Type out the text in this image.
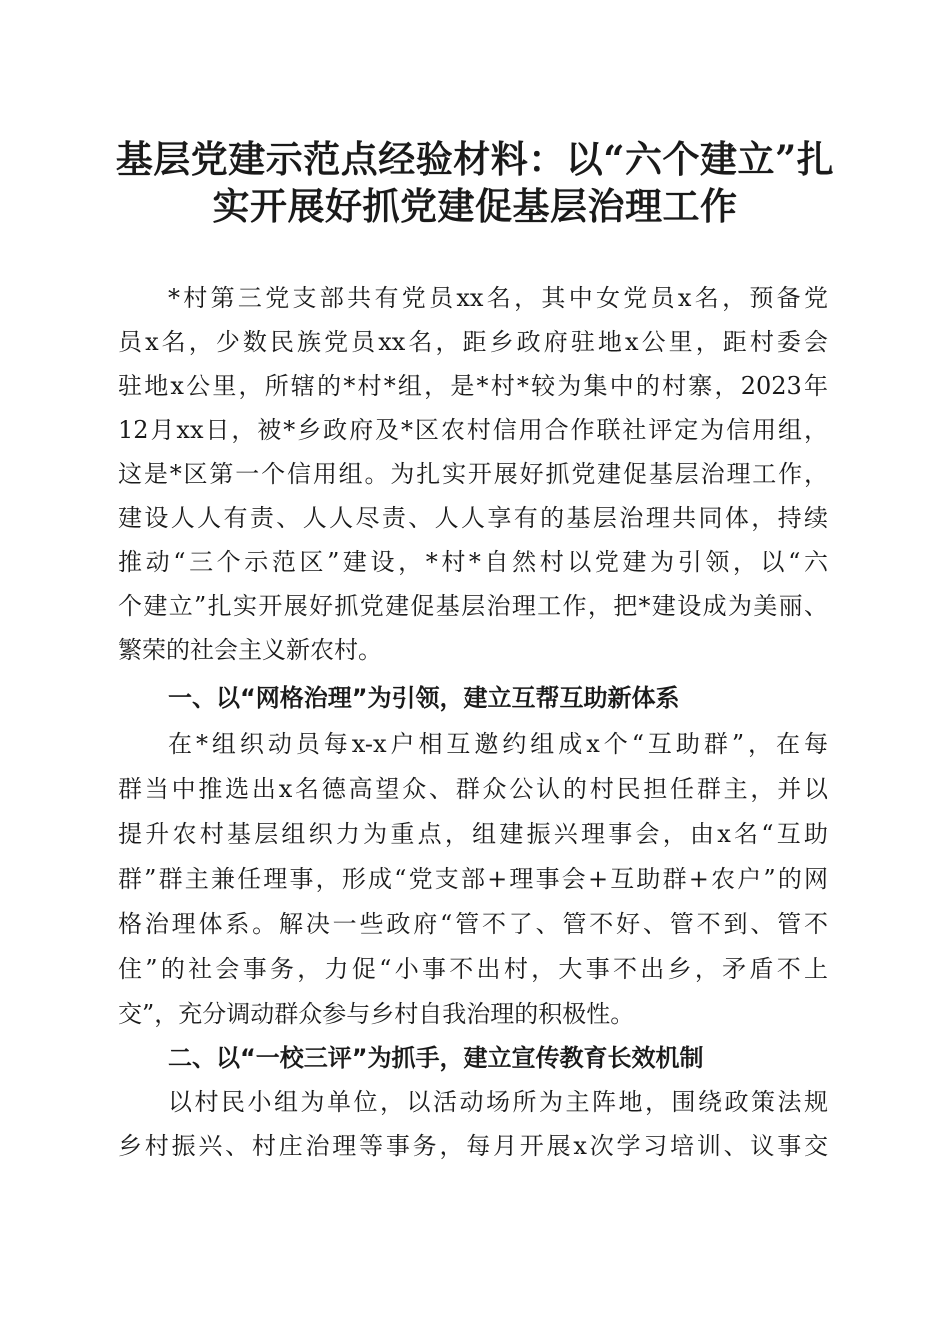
基层党建示范点经验材料：以“六个建立”扎
实开展好抓党建促基层治理工作
*村第三党支部共有党员xx名，其中女党员x名，预备党
员x名，少数民族党员xx名，距乡政府驻地x公里，距村委会
驻地x公里，所辖的*村*组，是*村*较为集中的村寨，2023年
12月xx日，被*乡政府及*区农村信用合作联社评定为信用组，
这是*区第一个信用组。为扎实开展好抓党建促基层治理工作，
建设人人有责、人人尽责、人人享有的基层治理共同体，持续
推动“三个示范区”建设，*村*自然村以党建为引领，以“六
个建立”扎实开展好抓党建促基层治理工作，把*建设成为美丽、
繁荣的社会主义新农村。
一、以“网格治理”为引领，建立互帮互助新体系
在*组织动员每x-x户相互邀约组成x个“互助群”，在每
群当中推选出x名德高望众、群众公认的村民担任群主，并以
提升农村基层组织力为重点，组建振兴理事会，由x名“互助
群”群主兼任理事，形成“党支部+理事会+互助群+农户”的网
格治理体系。解决一些政府“管不了、管不好、管不到、管不
住”的社会事务，力促“小事不出村，大事不出乡，矛盾不上
交”，充分调动群众参与乡村自我治理的积极性。
二、以“一校三评”为抓手，建立宣传教育长效机制
以村民小组为单位，以活动场所为主阵地，围绕政策法规
乡村振兴、村庄治理等事务，每月开展x次学习培训、议事交
